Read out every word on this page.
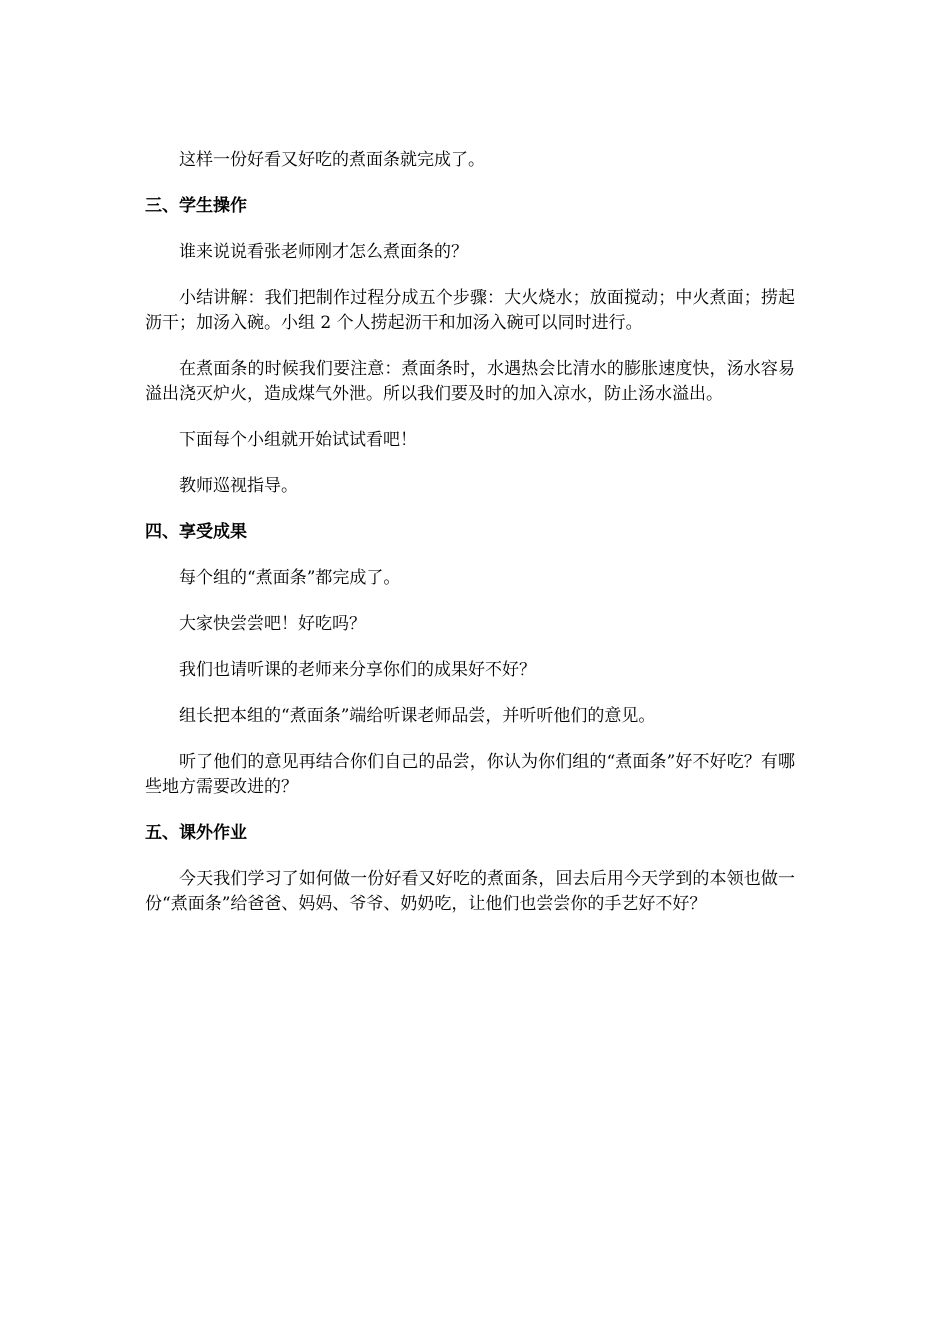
这样一份好看又好吃的煮面条就完成了。

三、学生操作

谁来说说看张老师刚才怎么煮面条的？

小结讲解：我们把制作过程分成五个步骤：大火烧水；放面搅动；中火煮面；捞起沥干；加汤入碗。小组 2 个人捞起沥干和加汤入碗可以同时进行。

在煮面条的时候我们要注意：煮面条时，水遇热会比清水的膨胀速度快，汤水容易溢出浇灭炉火，造成煤气外泄。所以我们要及时的加入凉水，防止汤水溢出。

下面每个小组就开始试试看吧！

教师巡视指导。

四、享受成果

每个组的“煮面条”都完成了。

大家快尝尝吧！好吃吗？

我们也请听课的老师来分享你们的成果好不好？

组长把本组的“煮面条”端给听课老师品尝，并听听他们的意见。

听了他们的意见再结合你们自己的品尝，你认为你们组的“煮面条”好不好吃？有哪些地方需要改进的？

五、课外作业

今天我们学习了如何做一份好看又好吃的煮面条，回去后用今天学到的本领也做一份“煮面条”给爸爸、妈妈、爷爷、奶奶吃，让他们也尝尝你的手艺好不好？
